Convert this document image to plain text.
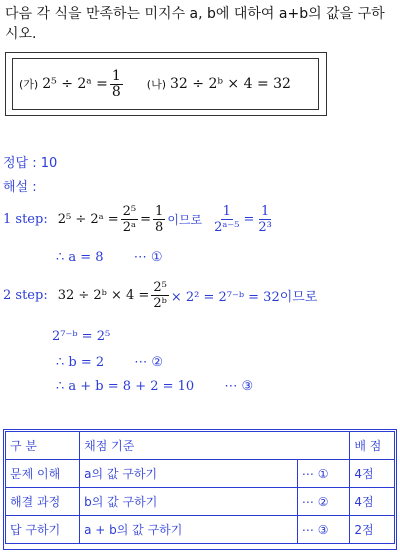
다음 각 식을 만족하는 미지수 a, b에 대하여 a+b의 값을 구하시오.
(가) 2⁵ ÷ 2ᵃ = $\frac{1}{8}$ (나) 32 ÷ 2ᵇ × 4 = 32
정답 : 10
해설 :
1 step: 2⁵ ÷ 2ᵃ = $\frac{\text{2⁵}}{\text{2ᵃ}} = \frac{1}{8}$ 이므로 $\frac{1}{\text{2ᵃ⁻⁵}} = \frac{1}{\text{2³}}$
∴ a = 8 ⋯ ①
2 step: 32 ÷ 2ᵇ × $4 = \frac{\text{2⁵}}{\text{2ᵇ}} \times 2^2$ = 2⁷⁻ᵇ = 32이므로
2⁷⁻ᵇ = 2⁵
∴ b = 2 ⋯ ②
∴ a + b = 8 + 2 = 10 ⋯ ③
구 분	채점 기준		배 점
문제 이해	a의 값 구하기	⋯ ①	4점
해결 과정	b의 값 구하기	⋯ ②	4점
답 구하기	a + b의 값 구하기	⋯ ③	2점
